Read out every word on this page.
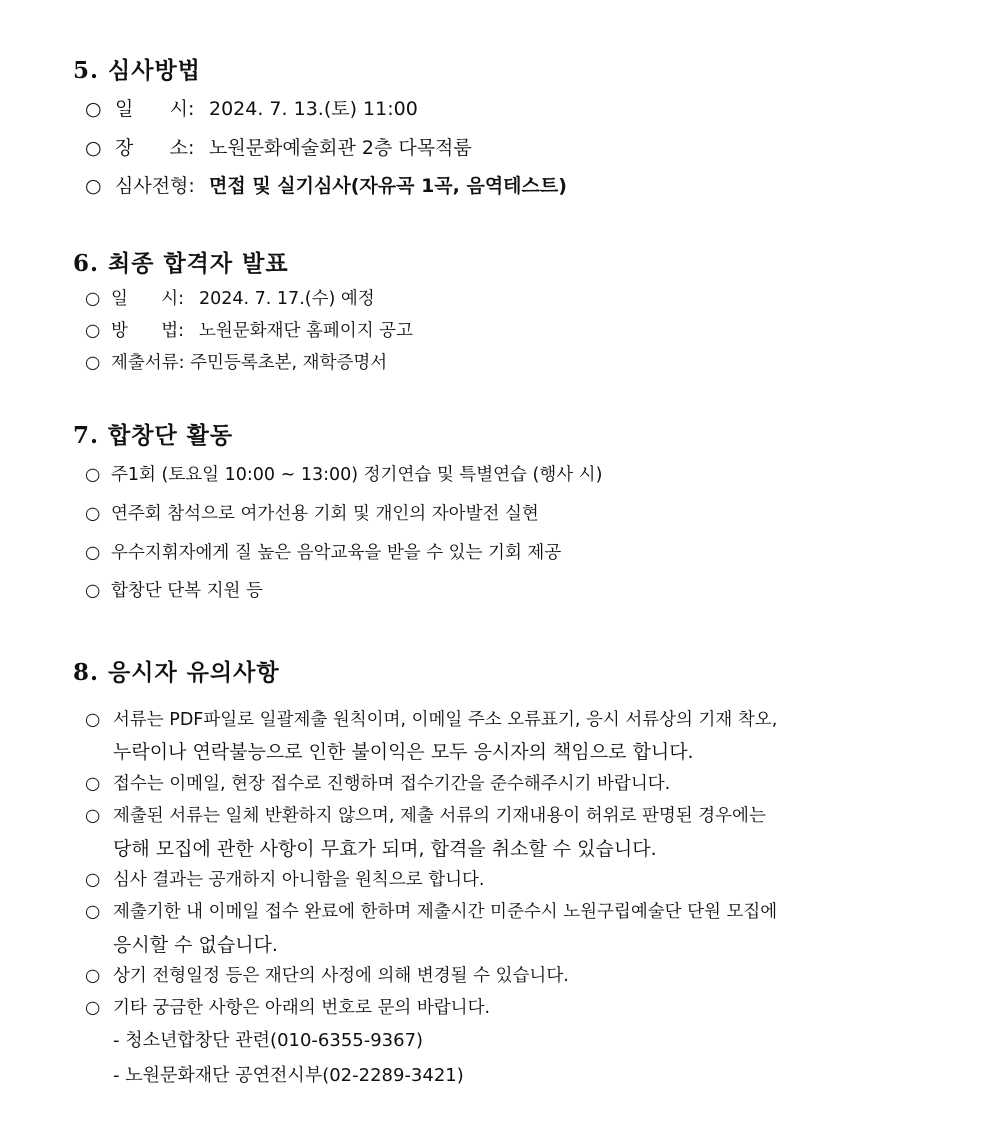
5. 심사방법
○ 일      시: 2024. 7. 13.(토) 11:00
○ 장      소: 노원문화예술회관 2층 다목적룸
○ 심사전형: 면접 및 실기심사(자유곡 1곡, 음역테스트)
6. 최종 합격자 발표
○ 일      시: 2024. 7. 17.(수) 예정
○ 방      법: 노원문화재단 홈페이지 공고
○ 제출서류: 주민등록초본, 재학증명서
7. 합창단 활동
○ 주1회 (토요일 10:00 ~ 13:00) 정기연습 및 특별연습 (행사 시)
○ 연주회 참석으로 여가선용 기회 및 개인의 자아발전 실현
○ 우수지휘자에게 질 높은 음악교육을 받을 수 있는 기회 제공
○ 합창단 단복 지원 등
8. 응시자 유의사항
○ 서류는 PDF파일로 일괄제출 원칙이며, 이메일 주소 오류표기, 응시 서류상의 기재 착오,
누락이나 연락불능으로 인한 불이익은 모두 응시자의 책임으로 합니다.
○ 접수는 이메일, 현장 접수로 진행하며 접수기간을 준수해주시기 바랍니다.
○ 제출된 서류는 일체 반환하지 않으며, 제출 서류의 기재내용이 허위로 판명된 경우에는
당해 모집에 관한 사항이 무효가 되며, 합격을 취소할 수 있습니다.
○ 심사 결과는 공개하지 아니함을 원칙으로 합니다.
○ 제출기한 내 이메일 접수 완료에 한하며 제출시간 미준수시 노원구립예술단 단원 모집에
응시할 수 없습니다.
○ 상기 전형일정 등은 재단의 사정에 의해 변경될 수 있습니다.
○ 기타 궁금한 사항은 아래의 번호로 문의 바랍니다.
- 청소년합창단 관련(010-6355-9367)
- 노원문화재단 공연전시부(02-2289-3421)
